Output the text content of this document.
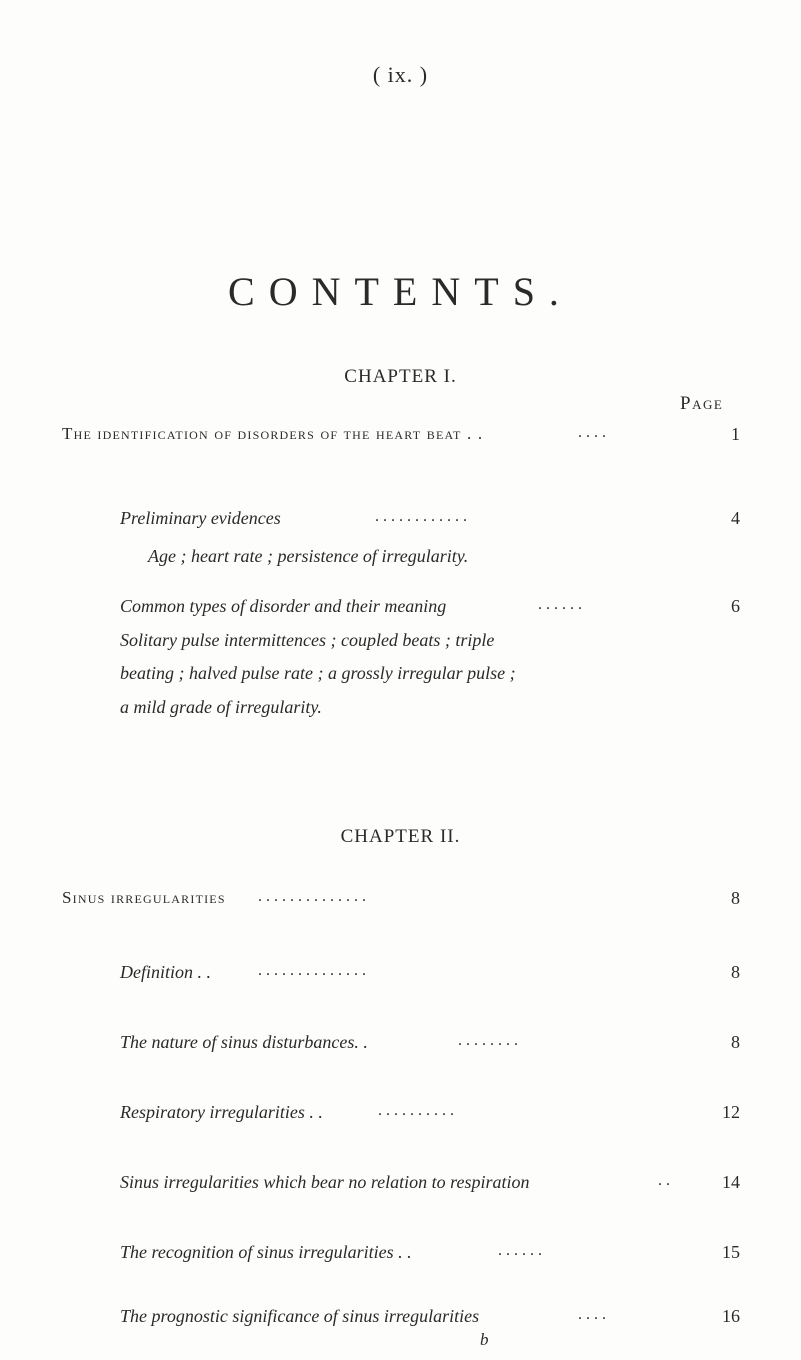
( ix. )
CONTENTS.
CHAPTER I.
Page
The identification of disorders of the heart beat . .	. . . .	1
Preliminary evidences	. . . . . . . . . . . .	4
Age ; heart rate ; persistence of irregularity.
Common types of disorder and their meaning	. . . . . .	6
Solitary pulse intermittences ; coupled beats ; triple
beating ; halved pulse rate ; a grossly irregular pulse ;
a mild grade of irregularity.
CHAPTER II.
Sinus irregularities . . . . . . . . . . . . . .	8
Definition . .	. . . . . . . . . . . . . .	8
The nature of sinus disturbances. .	. . . . . . . .	8
Respiratory irregularities . .	. . . . . . . . . .	12
Sinus irregularities which bear no relation to respiration	. .	14
The recognition of sinus irregularities . .	. . . . . .	15
The prognostic significance of sinus irregularities	. . . .	16
b
